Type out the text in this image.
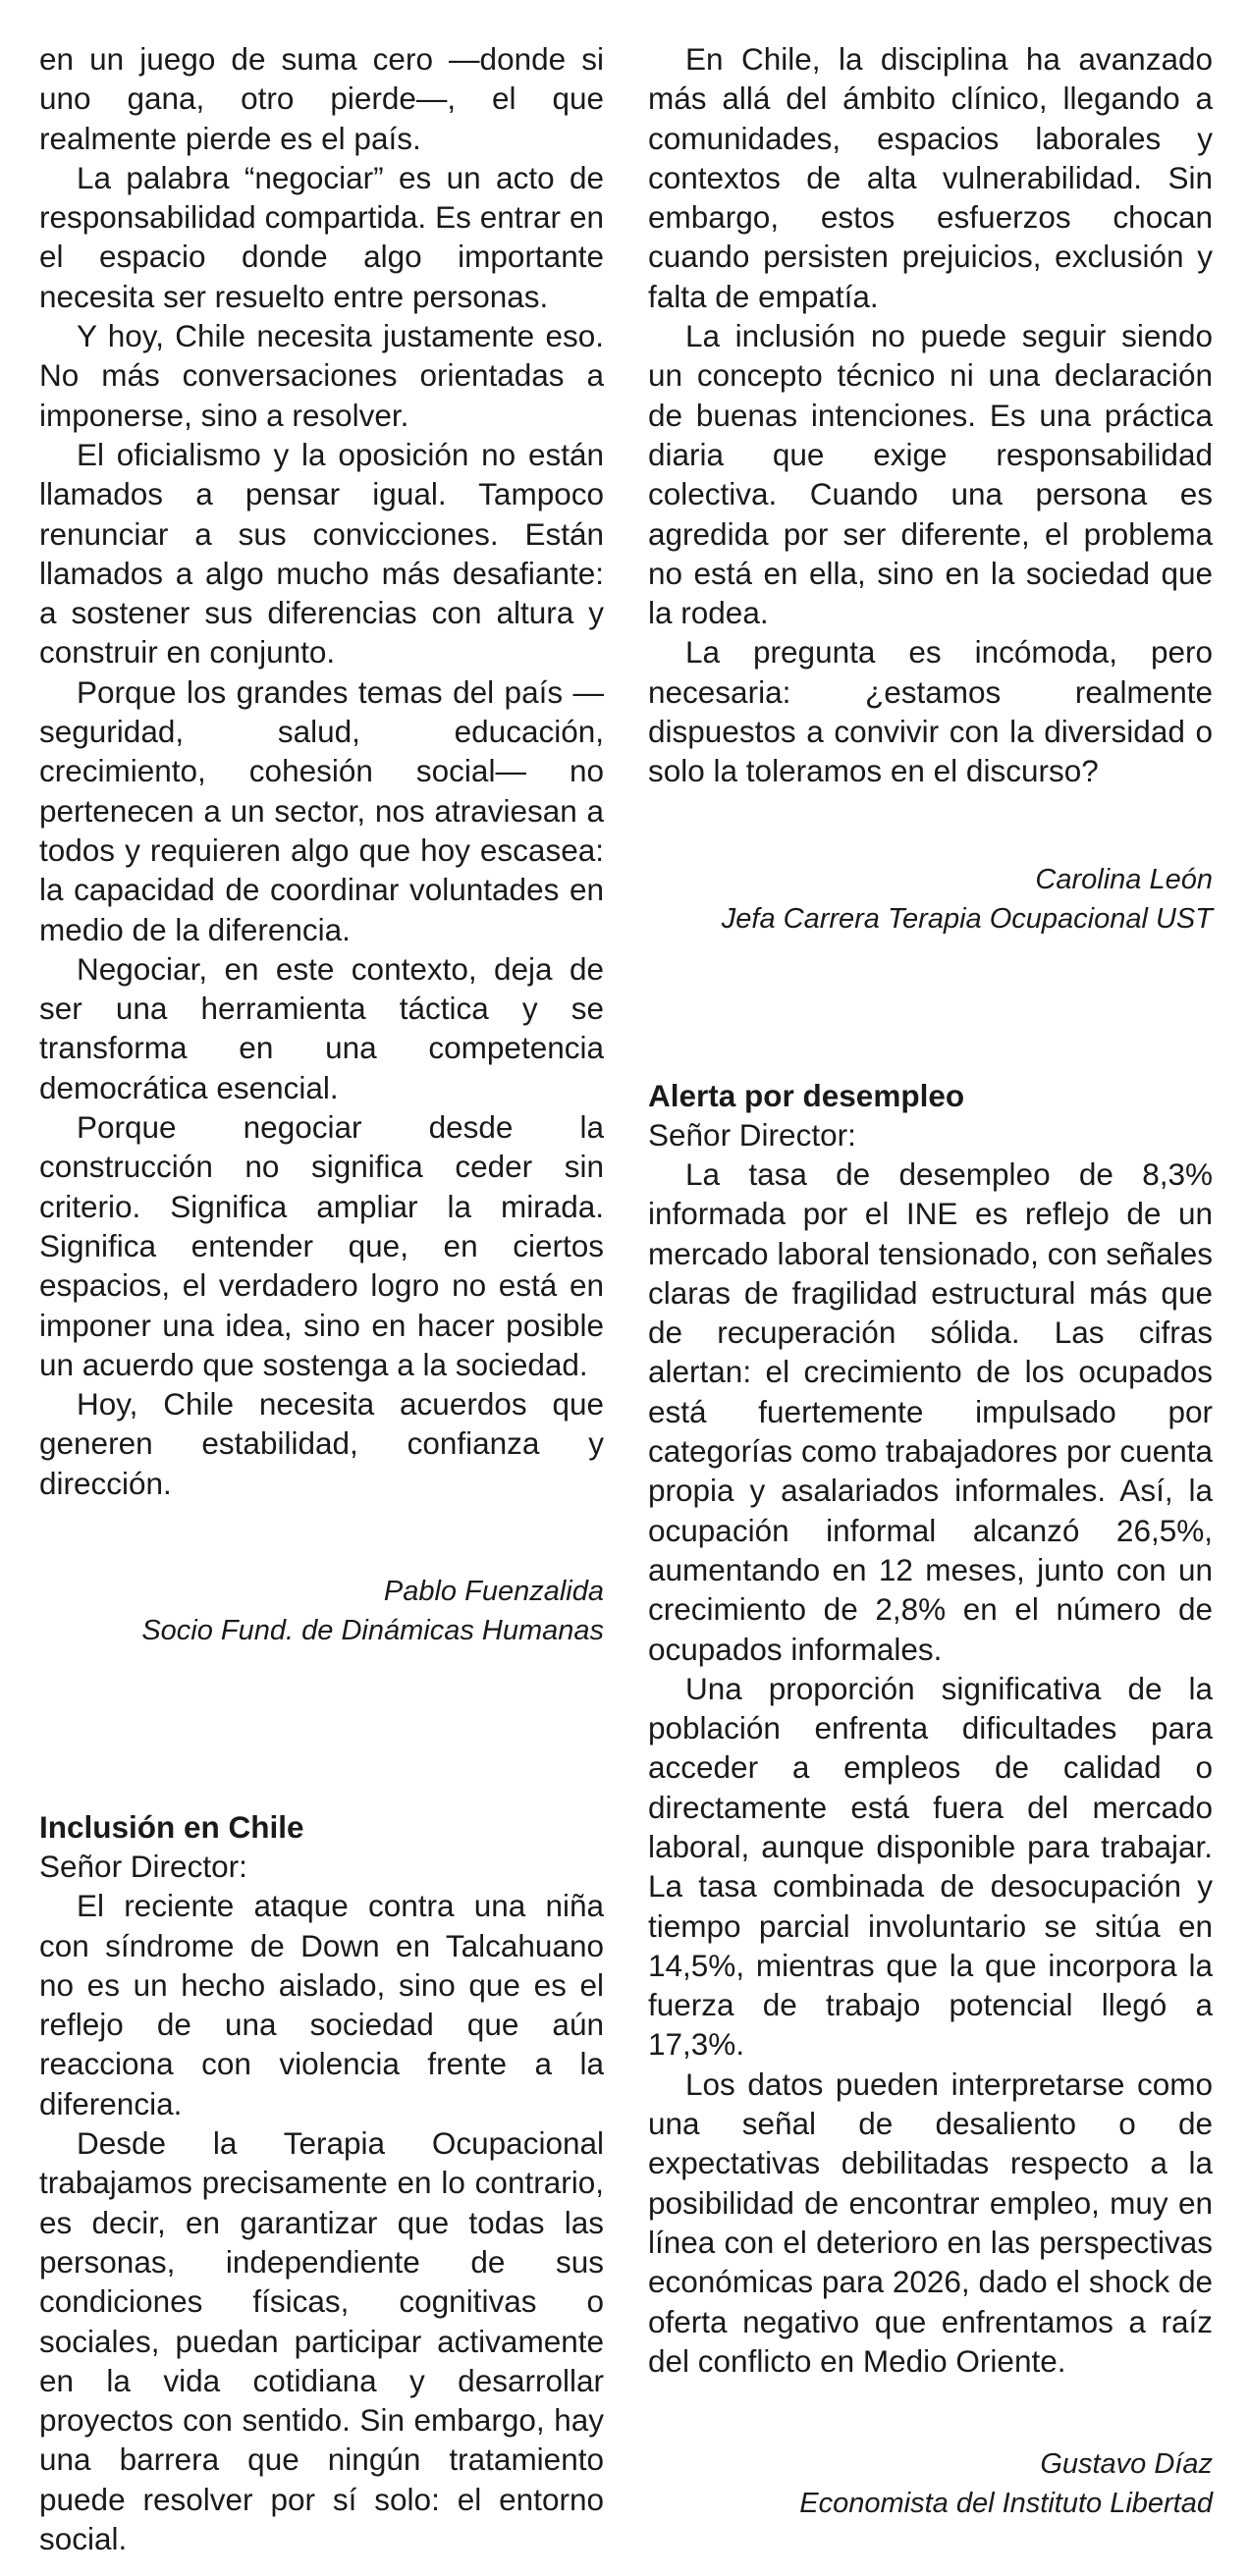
en un juego de suma cero —donde si uno gana, otro pierde—, el que realmente pierde es el país.

La palabra “negociar” es un acto de responsabilidad compartida. Es entrar en el espacio donde algo importante necesita ser resuelto entre personas.

Y hoy, Chile necesita justamente eso. No más conversaciones orientadas a imponerse, sino a resolver.

El oficialismo y la oposición no están llamados a pensar igual. Tampoco renunciar a sus convicciones. Están llamados a algo mucho más desafiante: a sostener sus diferencias con altura y construir en conjunto.

Porque los grandes temas del país —seguridad, salud, educación, crecimiento, cohesión social— no pertenecen a un sector, nos atraviesan a todos y requieren algo que hoy escasea: la capacidad de coordinar voluntades en medio de la diferencia.

Negociar, en este contexto, deja de ser una herramienta táctica y se transforma en una competencia democrática esencial.

Porque negociar desde la construcción no significa ceder sin criterio. Significa ampliar la mirada. Significa entender que, en ciertos espacios, el verdadero logro no está en imponer una idea, sino en hacer posible un acuerdo que sostenga a la sociedad.

Hoy, Chile necesita acuerdos que generen estabilidad, confianza y dirección.

Pablo Fuenzalida
Socio Fund. de Dinámicas Humanas
Inclusión en Chile
Señor Director:

El reciente ataque contra una niña con síndrome de Down en Talcahuano no es un hecho aislado, sino que es el reflejo de una sociedad que aún reacciona con violencia frente a la diferencia.

Desde la Terapia Ocupacional trabajamos precisamente en lo contrario, es decir, en garantizar que todas las personas, independiente de sus condiciones físicas, cognitivas o sociales, puedan participar activamente en la vida cotidiana y desarrollar proyectos con sentido. Sin embargo, hay una barrera que ningún tratamiento puede resolver por sí solo: el entorno social.

En Chile, la disciplina ha avanzado más allá del ámbito clínico, llegando a comunidades, espacios laborales y contextos de alta vulnerabilidad. Sin embargo, estos esfuerzos chocan cuando persisten prejuicios, exclusión y falta de empatía.

La inclusión no puede seguir siendo un concepto técnico ni una declaración de buenas intenciones. Es una práctica diaria que exige responsabilidad colectiva. Cuando una persona es agredida por ser diferente, el problema no está en ella, sino en la sociedad que la rodea.

La pregunta es incómoda, pero necesaria: ¿estamos realmente dispuestos a convivir con la diversidad o solo la toleramos en el discurso?

Carolina León
Jefa Carrera Terapia Ocupacional UST
Alerta por desempleo
Señor Director:

La tasa de desempleo de 8,3% informada por el INE es reflejo de un mercado laboral tensionado, con señales claras de fragilidad estructural más que de recuperación sólida. Las cifras alertan: el crecimiento de los ocupados está fuertemente impulsado por categorías como trabajadores por cuenta propia y asalariados informales. Así, la ocupación informal alcanzó 26,5%, aumentando en 12 meses, junto con un crecimiento de 2,8% en el número de ocupados informales.

Una proporción significativa de la población enfrenta dificultades para acceder a empleos de calidad o directamente está fuera del mercado laboral, aunque disponible para trabajar. La tasa combinada de desocupación y tiempo parcial involuntario se sitúa en 14,5%, mientras que la que incorpora la fuerza de trabajo potencial llegó a 17,3%.

Los datos pueden interpretarse como una señal de desaliento o de expectativas debilitadas respecto a la posibilidad de encontrar empleo, muy en línea con el deterioro en las perspectivas económicas para 2026, dado el shock de oferta negativo que enfrentamos a raíz del conflicto en Medio Oriente.

Gustavo Díaz
Economista del Instituto Libertad
